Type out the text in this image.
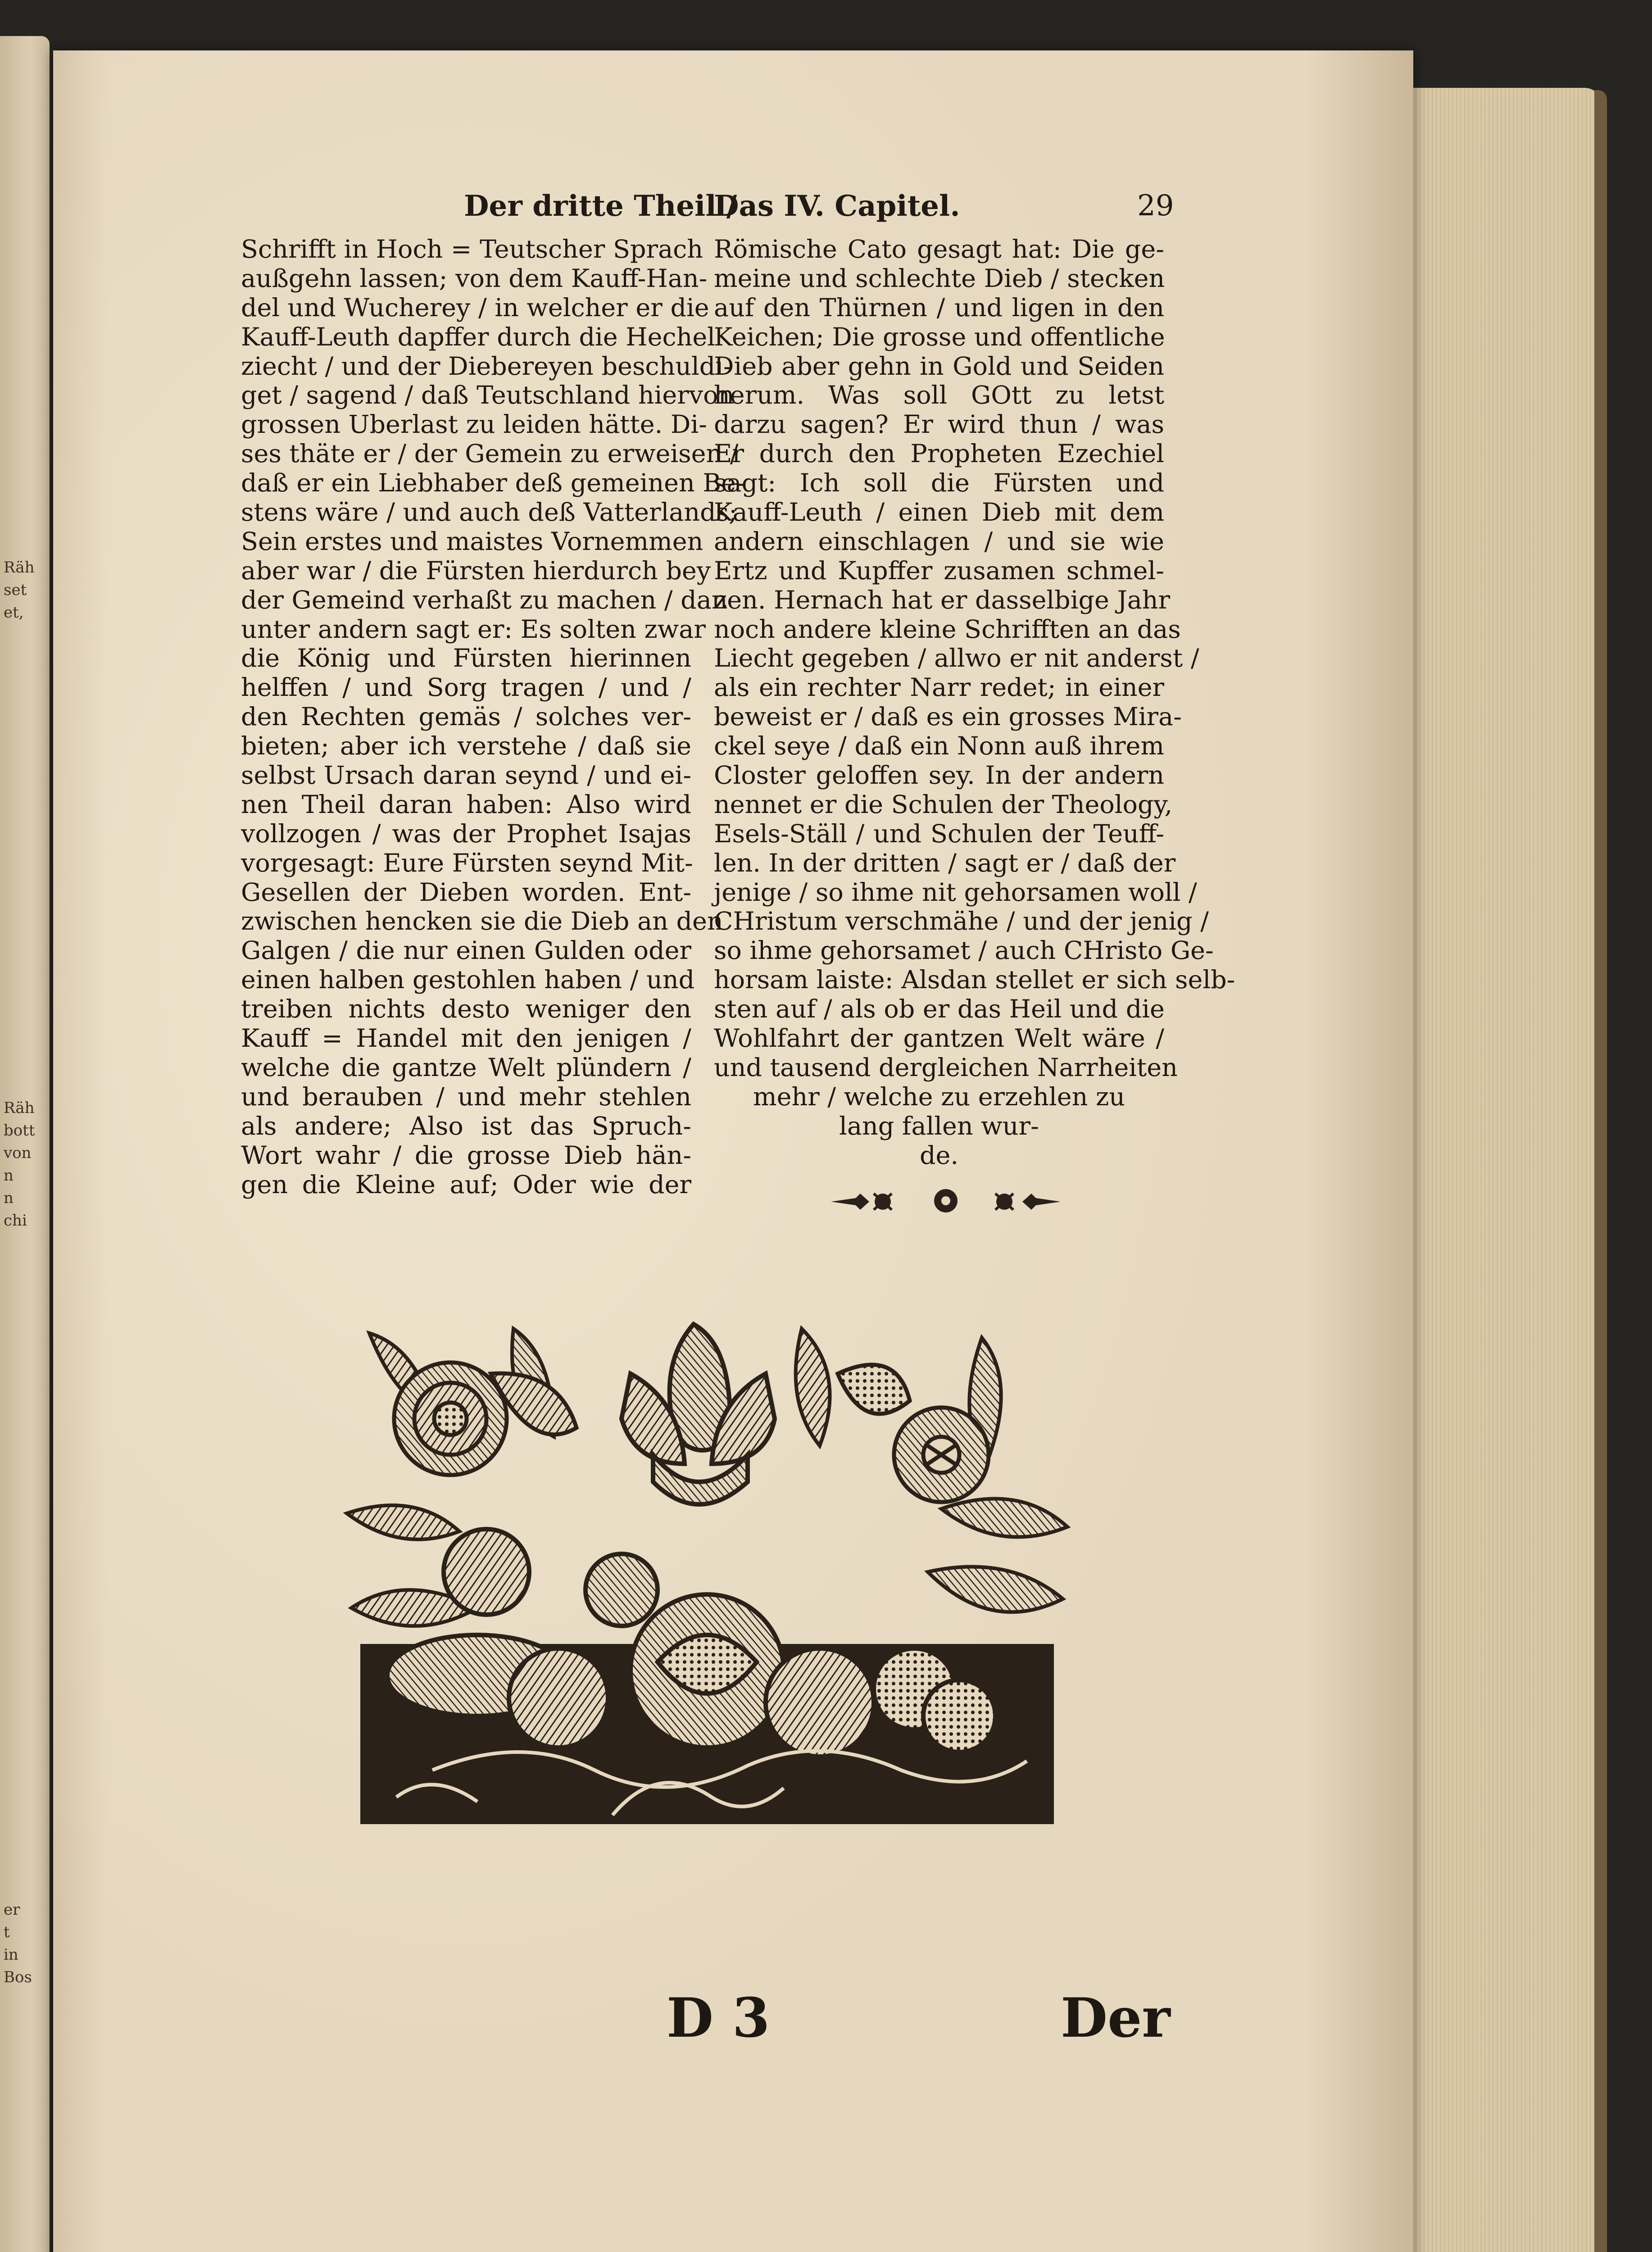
Räh
set
et,
Räh
bott
von
n
n
chi
er
t
in
Bos
Der dritte Theil /
Das IV. Capitel.	29
Schrifft in Hoch = Teutscher Sprach
außgehn lassen; von dem Kauff-Han-
del und Wucherey / in welcher er die
Kauff-Leuth dapffer durch die Hechel
ziecht / und der Diebereyen beschuldi-
get / sagend / daß Teutschland hiervon
grossen Uberlast zu leiden hätte. Di-
ses thäte er / der Gemein zu erweisen /
daß er ein Liebhaber deß gemeinen Be-
stens wäre / und auch deß Vatterlands;
Sein erstes und maistes Vornemmen
aber war / die Fürsten hierdurch bey
der Gemeind verhaßt zu machen / dan
unter andern sagt er: Es solten zwar
die König und Fürsten hierinnen
helffen / und Sorg tragen / und /
den Rechten gemäs / solches ver-
bieten; aber ich verstehe / daß sie
selbst Ursach daran seynd / und ei-
nen Theil daran haben: Also wird
vollzogen / was der Prophet Isajas
vorgesagt: Eure Fürsten seynd Mit-
Gesellen der Dieben worden. Ent-
zwischen hencken sie die Dieb an den
Galgen / die nur einen Gulden oder
einen halben gestohlen haben / und
treiben nichts desto weniger den
Kauff = Handel mit den jenigen /
welche die gantze Welt plündern /
und berauben / und mehr stehlen
als andere; Also ist das Spruch-
Wort wahr / die grosse Dieb hän-
gen die Kleine auf; Oder wie der
Römische Cato gesagt hat: Die ge-
meine und schlechte Dieb / stecken
auf den Thürnen / und ligen in den
Keichen; Die grosse und offentliche
Dieb aber gehn in Gold und Seiden
herum. Was soll GOtt zu letst
darzu sagen? Er wird thun / was
Er durch den Propheten Ezechiel
sagt: Ich soll die Fürsten und
Kauff-Leuth / einen Dieb mit dem
andern einschlagen / und sie wie
Ertz und Kupffer zusamen schmel-
zen. Hernach hat er dasselbige Jahr
noch andere kleine Schrifften an das
Liecht gegeben / allwo er nit anderst /
als ein rechter Narr redet; in einer
beweist er / daß es ein grosses Mira-
ckel seye / daß ein Nonn auß ihrem
Closter geloffen sey. In der andern
nennet er die Schulen der Theology,
Esels-Ställ / und Schulen der Teuff-
len. In der dritten / sagt er / daß der
jenige / so ihme nit gehorsamen woll /
CHristum verschmähe / und der jenig /
so ihme gehorsamet / auch CHristo Ge-
horsam laiste: Alsdan stellet er sich selb-
sten auf / als ob er das Heil und die
Wohlfahrt der gantzen Welt wäre /
und tausend dergleichen Narrheiten
mehr / welche zu erzehlen zu
lang fallen wur-
de.
D 3	Der
